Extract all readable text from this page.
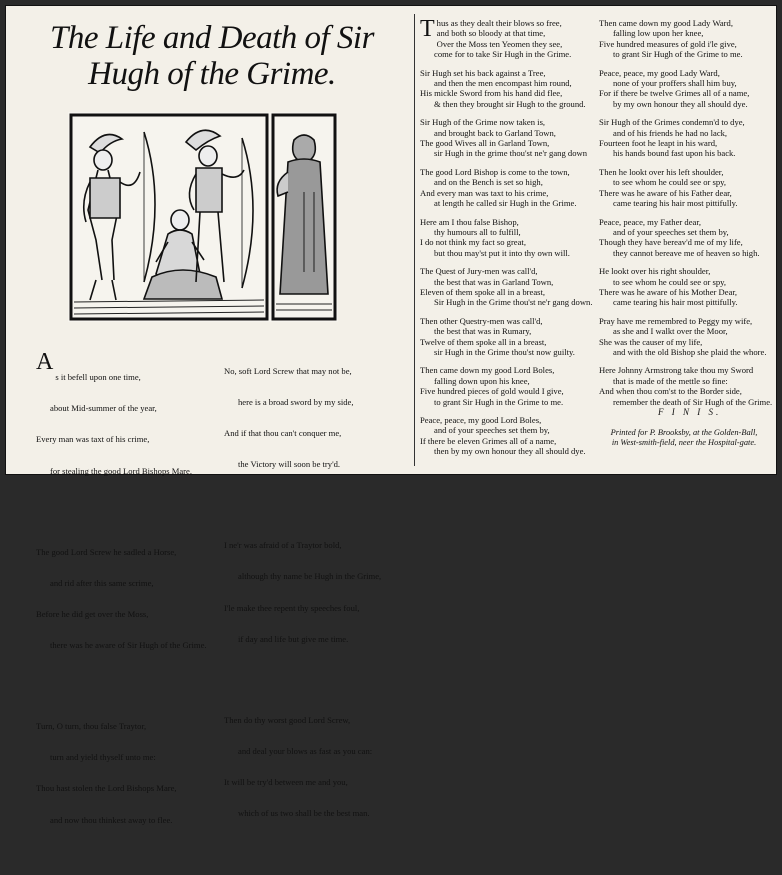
The Life and Death of Sir
Hugh of the Grime.

A

s it befell upon one time,

about Mid-summer of the year,

Every man was taxt of his crime,

for stealing the good Lord Bishops Mare.

The good Lord Screw he sadled a Horse,

and rid after this same scrime,

Before he did get over the Moss,

there was he aware of Sir Hugh of the Grime.

Turn, O turn, thou false Traytor,

turn and yield thyself unto me:

Thou hast stolen the Lord Bishops Mare,

and now thou thinkest away to flee.

No, soft Lord Screw that may not be,

here is a broad sword by my side,

And if that thou can't conquer me,

the Victory will soon be try'd.

I ne'r was afraid of a Traytor bold,

although thy name be Hugh in the Grime,

I'le make thee repent thy speeches foul,

if day and life but give me time.

Then do thy worst good Lord Screw,

and deal your blows as fast as you can:

It will be try'd between me and you,

which of us two shall be the best man.

T hus as they dealt their blows so free,
and both so bloody at that time,
Over the Moss ten Yeomen they see,
come for to take Sir Hugh in the Grime.
Sir Hugh set his back against a Tree,
and then the men encompast him round,
His mickle Sword from his hand did flee,
& then they brought sir Hugh to the ground.
Sir Hugh of the Grime now taken is,
and brought back to Garland Town,
The good Wives all in Garland Town,
sir Hugh in the grime thou'st ne'r gang down
The good Lord Bishop is come to the town,
and on the Bench is set so high,
And every man was taxt to his crime,
at length he called sir Hugh in the Grime.
Here am I thou false Bishop,
thy humours all to fulfill,
I do not think my fact so great,
but thou may'st put it into thy own will.
The Quest of Jury-men was call'd,
the best that was in Garland Town,
Eleven of them spoke all in a breast,
Sir Hugh in the Grime thou'st ne'r gang down.
Then other Questry-men was call'd,
the best that was in Rumary,
Twelve of them spoke all in a breast,
sir Hugh in the Grime thou'st now guilty.
Then came down my good Lord Boles,
falling down upon his knee,
Five hundred pieces of gold would I give,
to grant Sir Hugh in the Grime to me.
Peace, peace, my good Lord Boles,
and of your speeches set them by,
If there be eleven Grimes all of a name,
then by my own honour they all should dye.
Then came down my good Lady Ward,
falling low upon her knee,
Five hundred measures of gold i'le give,
to grant Sir Hugh of the Grime to me.
Peace, peace, my good Lady Ward,
none of your proffers shall him buy,
For if there be twelve Grimes all of a name,
by my own honour they all should dye.
Sir Hugh of the Grimes condemn'd to dye,
and of his friends he had no lack,
Fourteen foot he leapt in his ward,
his hands bound fast upon his back.
Then he lookt over his left shoulder,
to see whom he could see or spy,
There was he aware of his Father dear,
came tearing his hair most pittifully.
Peace, peace, my Father dear,
and of your speeches set them by,
Though they have bereav'd me of my life,
they cannot bereave me of heaven so high.
He lookt over his right shoulder,
to see whom he could see or spy,
There was he aware of his Mother Dear,
came tearing his hair most pittifully.
Pray have me remembred to Peggy my wife,
as she and I walkt over the Moor,
She was the causer of my life,
and with the old Bishop she plaid the whore.
Here Johnny Armstrong take thou my Sword
that is made of the mettle so fine:
And when thou com'st to the Border side,
remember the death of Sir Hugh of the Grime.
F I N I S.
Printed for P. Brooksby, at the Golden-Ball,
in West-smith-field, neer the Hospital-gate.
